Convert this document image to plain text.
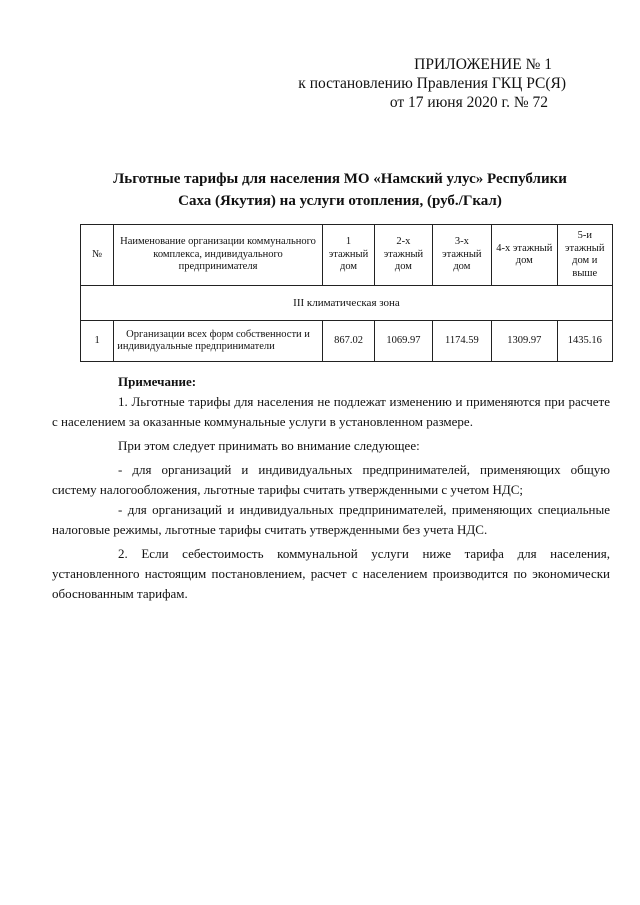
ПРИЛОЖЕНИЕ № 1
к постановлению Правления ГКЦ РС(Я)
от 17 июня 2020 г. № 72
Льготные тарифы для населения МО «Намский улус» Республики
Саха (Якутия) на услуги отопления, (руб./Гкал)
№	Наименование организации коммунального комплекса, индивидуального предпринимателя	1 этажный дом	2-х этажный дом	3-х этажный дом	4-х этажный дом	5-и этажный дом и выше
III климатическая зона						
1	Организации всех форм собственности и индивидуальные предприниматели	867.02	1069.97	1174.59	1309.97	1435.16

Примечание:

1. Льготные тарифы для населения не подлежат изменению и применяются при расчете с населением за оказанные коммунальные услуги в установленном размере.

При этом следует принимать во внимание следующее:

- для организаций и индивидуальных предпринимателей, применяющих общую систему налогообложения, льготные тарифы считать утвержденными с учетом НДС;

- для организаций и индивидуальных предпринимателей, применяющих специальные налоговые режимы, льготные тарифы считать утвержденными без учета НДС.

2. Если себестоимость коммунальной услуги ниже тарифа для населения, установленного настоящим постановлением, расчет с населением производится по экономически обоснованным тарифам.
